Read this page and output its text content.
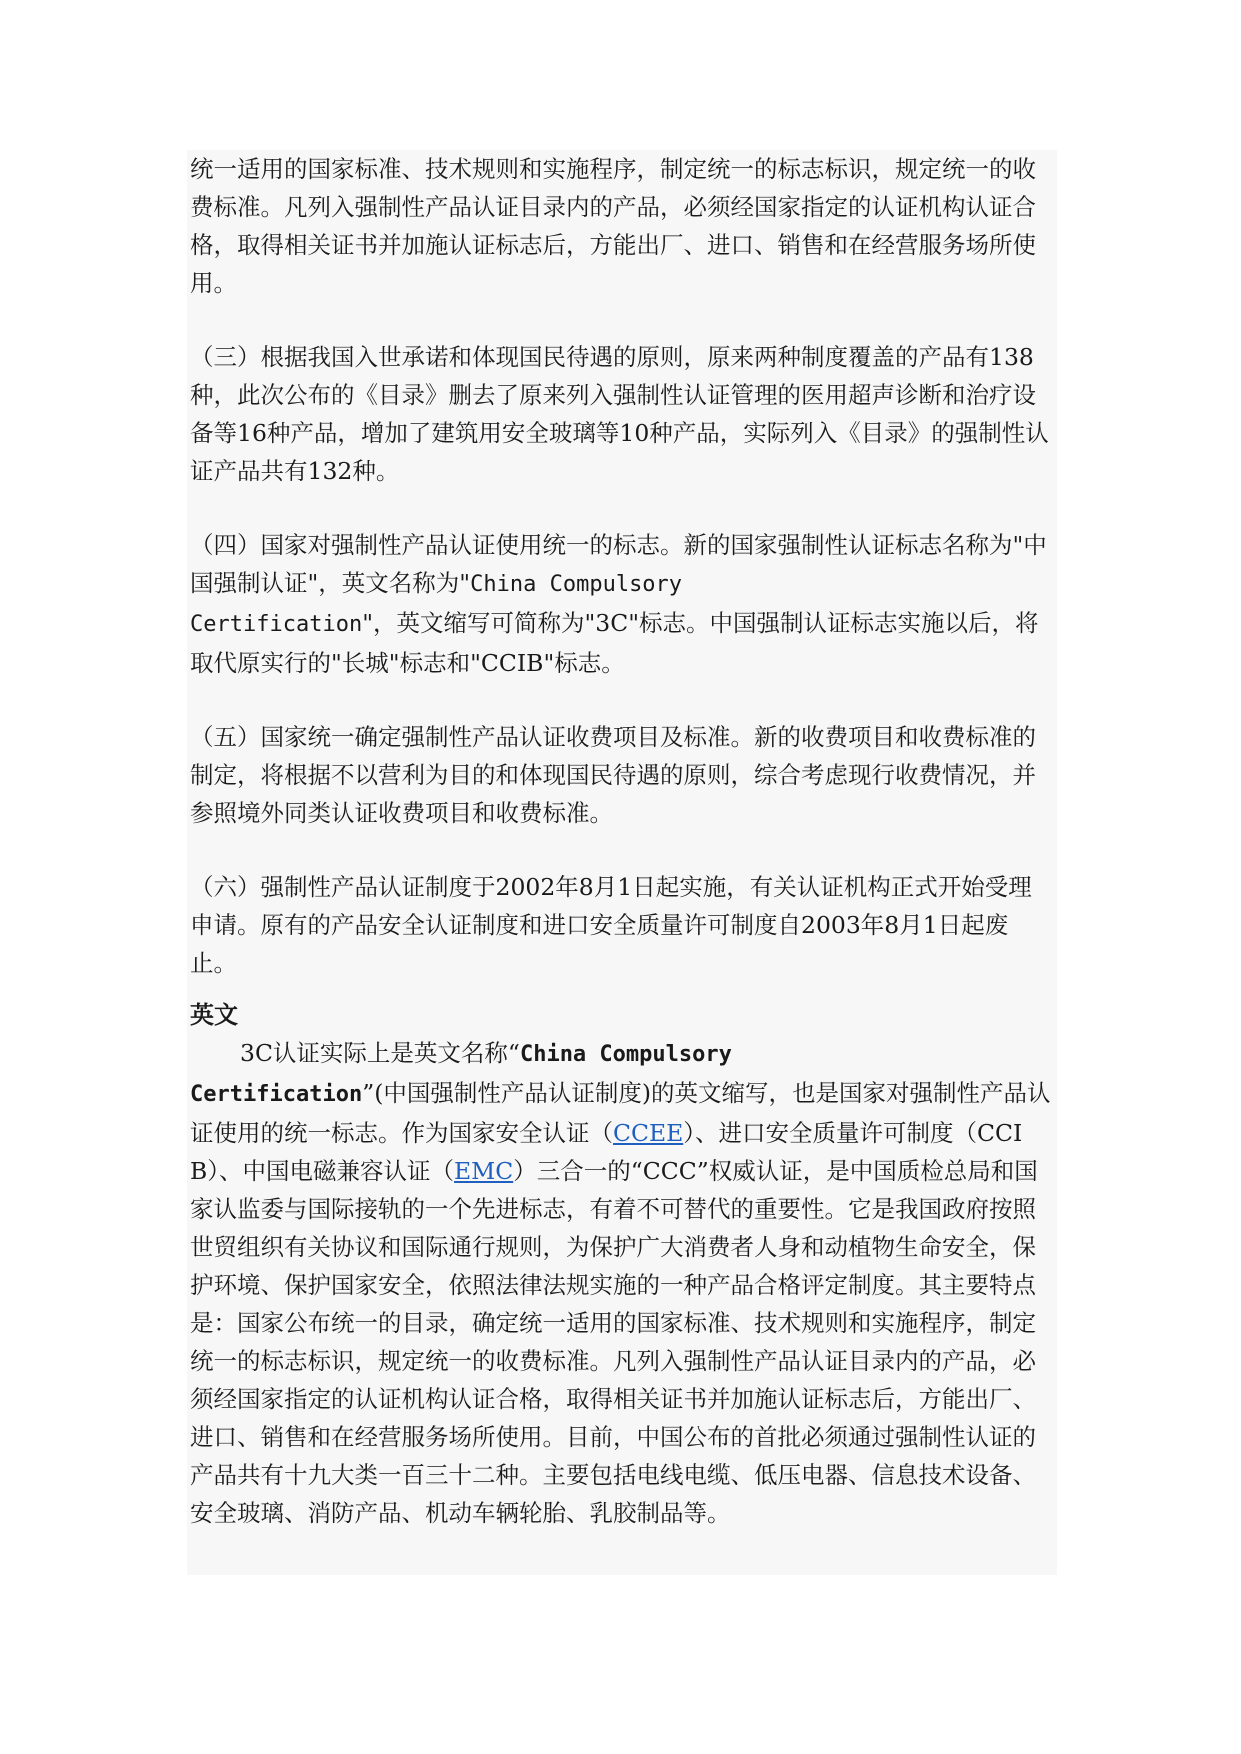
统一适用的国家标准、技术规则和实施程序，制定统一的标志标识，规定统一的收费标准。凡列入强制性产品认证目录内的产品，必须经国家指定的认证机构认证合格，取得相关证书并加施认证标志后，方能出厂、进口、销售和在经营服务场所使用。

（三）根据我国入世承诺和体现国民待遇的原则，原来两种制度覆盖的产品有138种，此次公布的《目录》删去了原来列入强制性认证管理的医用超声诊断和治疗设备等16种产品，增加了建筑用安全玻璃等10种产品，实际列入《目录》的强制性认证产品共有132种。

（四）国家对强制性产品认证使用统一的标志。新的国家强制性认证标志名称为"中国强制认证"，英文名称为"China Compulsory
Certification"，英文缩写可简称为"3C"标志。中国强制认证标志实施以后，将取代原实行的"长城"标志和"CCIB"标志。

（五）国家统一确定强制性产品认证收费项目及标准。新的收费项目和收费标准的制定，将根据不以营利为目的和体现国民待遇的原则，综合考虑现行收费情况，并参照境外同类认证收费项目和收费标准。

（六）强制性产品认证制度于2002年8月1日起实施，有关认证机构正式开始受理申请。原有的产品安全认证制度和进口安全质量许可制度自2003年8月1日起废止。

英文

3C认证实际上是英文名称“China Compulsory
Certification”(中国强制性产品认证制度)的英文缩写，也是国家对强制性产品认证使用的统一标志。作为国家安全认证（CCEE）、进口安全质量许可制度（CCIB）、中国电磁兼容认证（EMC）三合一的“CCC”权威认证，是中国质检总局和国家认监委与国际接轨的一个先进标志，有着不可替代的重要性。它是我国政府按照世贸组织有关协议和国际通行规则，为保护广大消费者人身和动植物生命安全，保护环境、保护国家安全，依照法律法规实施的一种产品合格评定制度。其主要特点是：国家公布统一的目录，确定统一适用的国家标准、技术规则和实施程序，制定统一的标志标识，规定统一的收费标准。凡列入强制性产品认证目录内的产品，必须经国家指定的认证机构认证合格，取得相关证书并加施认证标志后，方能出厂、进口、销售和在经营服务场所使用。目前，中国公布的首批必须通过强制性认证的产品共有十九大类一百三十二种。主要包括电线电缆、低压电器、信息技术设备、安全玻璃、消防产品、机动车辆轮胎、乳胶制品等。
